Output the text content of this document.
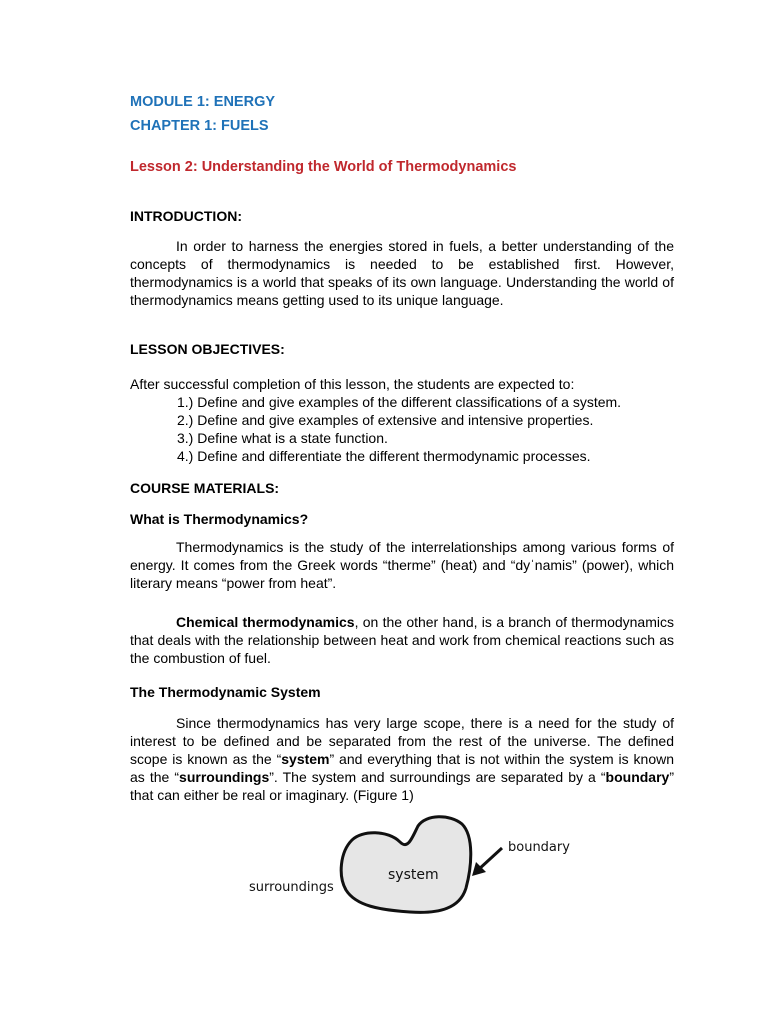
MODULE 1: ENERGY
CHAPTER 1: FUELS
Lesson 2: Understanding the World of Thermodynamics
INTRODUCTION:
In order to harness the energies stored in fuels, a better understanding of the concepts of thermodynamics is needed to be established first. However, thermodynamics is a world that speaks of its own language. Understanding the world of thermodynamics means getting used to its unique language.
LESSON OBJECTIVES:
After successful completion of this lesson, the students are expected to:
1.) Define and give examples of the different classifications of a system.
2.) Define and give examples of extensive and intensive properties.
3.) Define what is a state function.
4.) Define and differentiate the different thermodynamic processes.
COURSE MATERIALS:
What is Thermodynamics?
Thermodynamics is the study of the interrelationships among various forms of energy. It comes from the Greek words “therme” (heat) and “dyˈnamis” (power), which literary means “power from heat”.
Chemical thermodynamics, on the other hand, is a branch of thermodynamics that deals with the relationship between heat and work from chemical reactions such as the combustion of fuel.
The Thermodynamic System
Since thermodynamics has very large scope, there is a need for the study of interest to be defined and be separated from the rest of the universe. The defined scope is known as the “system” and everything that is not within the system is known as the “surroundings”. The system and surroundings are separated by a “boundary” that can either be real or imaginary. (Figure 1)
system
boundary
surroundings
